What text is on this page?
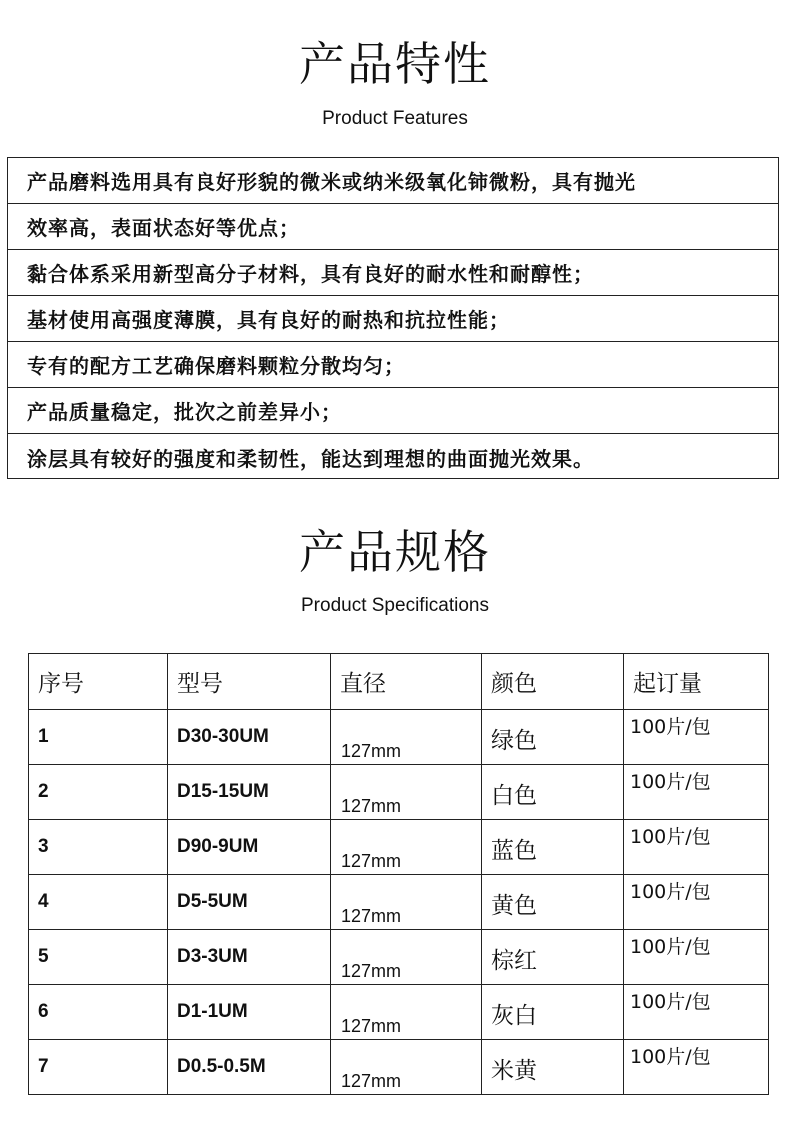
产品特性
Product Features
产品磨料选用具有良好形貌的微米或纳米级氧化铈微粉，具有抛光
效率高，表面状态好等优点；
黏合体系采用新型高分子材料，具有良好的耐水性和耐醇性；
基材使用高强度薄膜，具有良好的耐热和抗拉性能；
专有的配方工艺确保磨料颗粒分散均匀；
产品质量稳定，批次之前差异小；
涂层具有较好的强度和柔韧性，能达到理想的曲面抛光效果。
产品规格
Product Specifications
序号	型号	直径	颜色	起订量
1	D30-30UM	127mm	绿色	100片/包

2	D15-15UM	127mm	白色	100片/包

3	D90-9UM	127mm	蓝色	100片/包

4	D5-5UM	127mm	黄色	100片/包

5	D3-3UM	127mm	棕红	100片/包

6	D1-1UM	127mm	灰白	100片/包

7	D0.5-0.5M	127mm	米黄	100片/包
